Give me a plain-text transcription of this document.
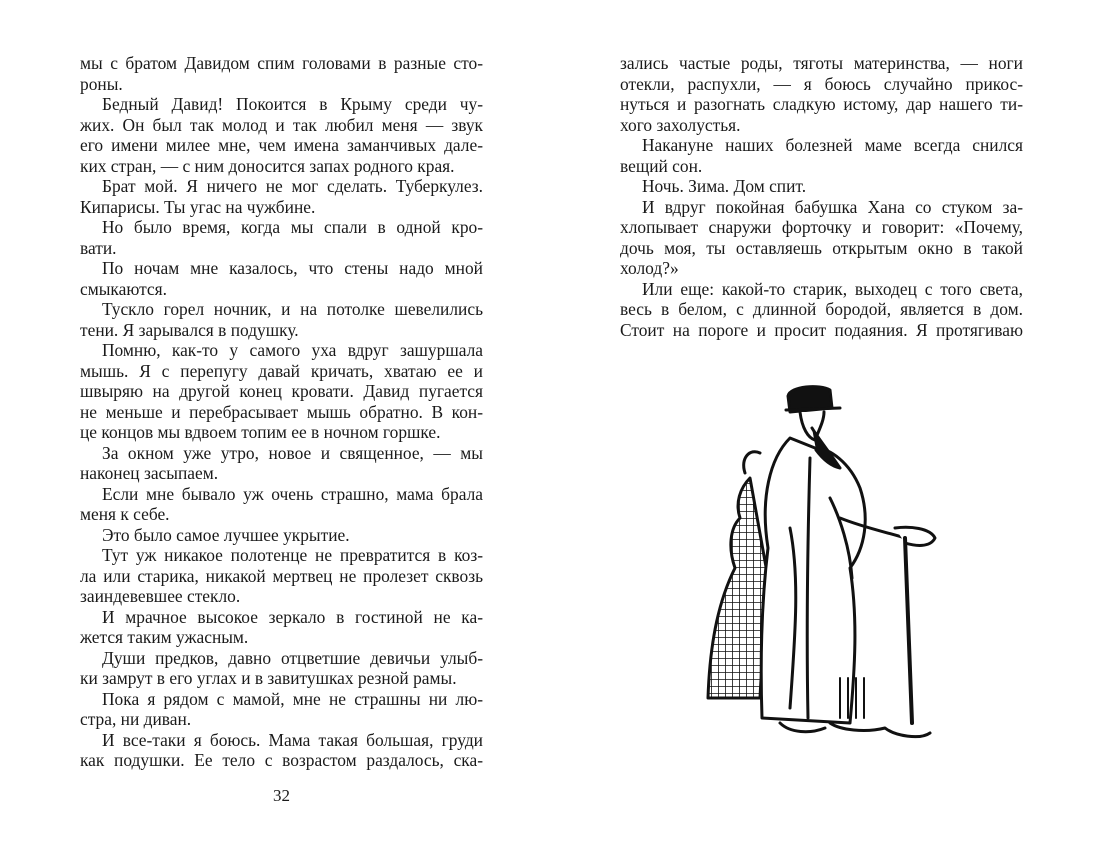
мы с братом Давидом спим головами в разные сто-
роны.
Бедный Давид! Покоится в Крыму среди чу-
жих. Он был так молод и так любил меня — звук
его имени милее мне, чем имена заманчивых дале-
ких стран, — с ним доносится запах родного края.
Брат мой. Я ничего не мог сделать. Туберкулез.
Кипарисы. Ты угас на чужбине.
Но было время, когда мы спали в одной кро-
вати.
По ночам мне казалось, что стены надо мной
смыкаются.
Тускло горел ночник, и на потолке шевелились
тени. Я зарывался в подушку.
Помню, как-то у самого уха вдруг зашуршала
мышь. Я с перепугу давай кричать, хватаю ее и
швыряю на другой конец кровати. Давид пугается
не меньше и перебрасывает мышь обратно. В кон-
це концов мы вдвоем топим ее в ночном горшке.
За окном уже утро, новое и священное, — мы
наконец засыпаем.
Если мне бывало уж очень страшно, мама брала
меня к себе.
Это было самое лучшее укрытие.
Тут уж никакое полотенце не превратится в коз-
ла или старика, никакой мертвец не пролезет сквозь
заиндевевшее стекло.
И мрачное высокое зеркало в гостиной не ка-
жется таким ужасным.
Души предков, давно отцветшие девичьи улыб-
ки замрут в его углах и в завитушках резной рамы.
Пока я рядом с мамой, мне не страшны ни лю-
стра, ни диван.
И все-таки я боюсь. Мама такая большая, груди
как подушки. Ее тело с возрастом раздалось, ска-
32
зались частые роды, тяготы материнства, — ноги
отекли, распухли, — я боюсь случайно прикос-
нуться и разогнать сладкую истому, дар нашего ти-
хого захолустья.
Накануне наших болезней маме всегда снился
вещий сон.
Ночь. Зима. Дом спит.
И вдруг покойная бабушка Хана со стуком за-
хлопывает снаружи форточку и говорит: «Почему,
дочь моя, ты оставляешь открытым окно в такой
холод?»
Или еще: какой-то старик, выходец с того света,
весь в белом, с длинной бородой, является в дом.
Стоит на пороге и просит подаяния. Я протягиваю
